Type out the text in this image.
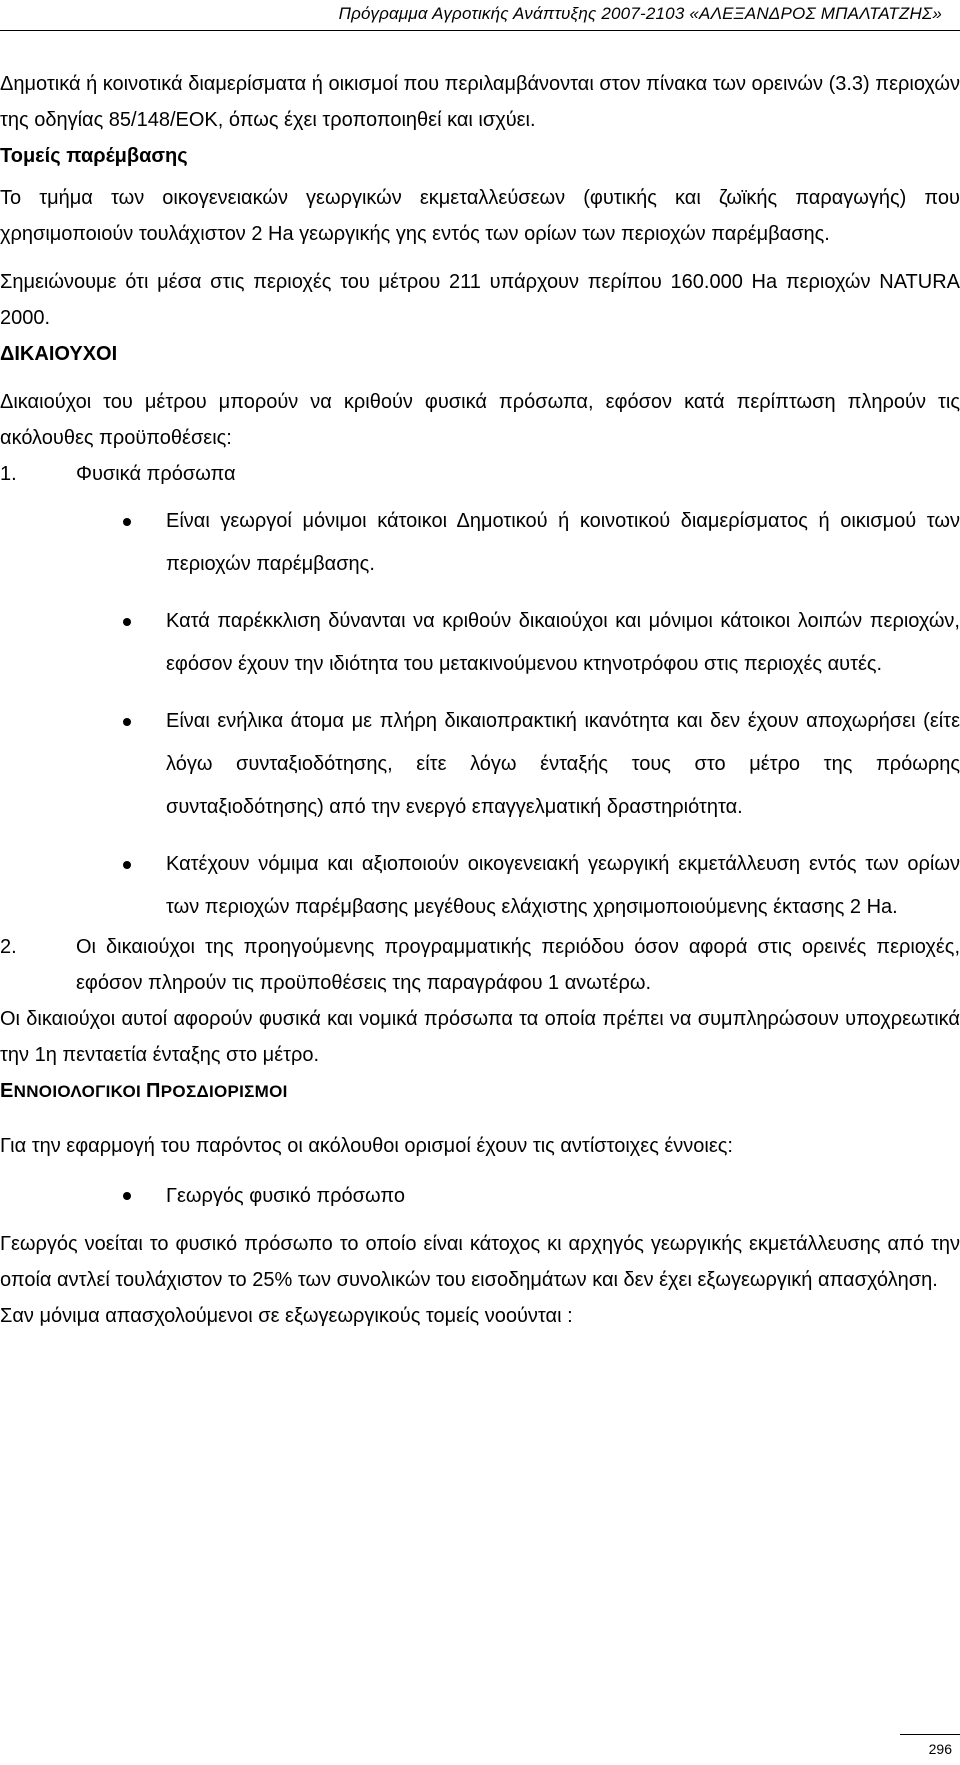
Πρόγραμμα Αγροτικής Ανάπτυξης 2007-2103 «ΑΛΕΞΑΝΔΡΟΣ ΜΠΑΛΤΑΤΖΗΣ»

Δημοτικά ή κοινοτικά διαμερίσματα ή οικισμοί που περιλαμβάνονται στον πίνακα των ορεινών (3.3) περιοχών της οδηγίας 85/148/ΕΟΚ, όπως έχει τροποποιηθεί και ισχύει.

Τομείς παρέμβασης

Το τμήμα των οικογενειακών γεωργικών εκμεταλλεύσεων (φυτικής και ζωϊκής παραγωγής) που χρησιμοποιούν τουλάχιστον 2 Ha γεωργικής γης εντός των ορίων των περιοχών παρέμβασης.

Σημειώνουμε ότι μέσα στις περιοχές του μέτρου 211 υπάρχουν περίπου 160.000 Ha περιοχών NATURA 2000.

ΔΙΚΑΙΟΥΧΟΙ

Δικαιούχοι του μέτρου μπορούν να κριθούν φυσικά πρόσωπα, εφόσον κατά περίπτωση πληρούν τις ακόλουθες προϋποθέσεις:

1.	Φυσικά πρόσωπα
Είναι γεωργοί μόνιμοι κάτοικοι Δημοτικού ή κοινοτικού διαμερίσματος ή οικισμού των περιοχών παρέμβασης.
Κατά παρέκκλιση δύνανται να κριθούν δικαιούχοι και μόνιμοι κάτοικοι λοιπών περιοχών, εφόσον έχουν την ιδιότητα του μετακινούμενου κτηνοτρόφου στις περιοχές αυτές.
Είναι ενήλικα άτομα με πλήρη δικαιοπρακτική ικανότητα και δεν έχουν αποχωρήσει (είτε λόγω συνταξιοδότησης, είτε λόγω ένταξής τους στο μέτρο της πρόωρης συνταξιοδότησης) από την ενεργό επαγγελματική δραστηριότητα.
Κατέχουν νόμιμα και αξιοποιούν οικογενειακή γεωργική εκμετάλλευση εντός των ορίων των περιοχών παρέμβασης μεγέθους ελάχιστης χρησιμοποιούμενης έκτασης 2 Ha.
2.	Οι δικαιούχοι της προηγούμενης προγραμματικής περιόδου όσον αφορά στις ορεινές περιοχές, εφόσον πληρούν τις προϋποθέσεις της παραγράφου 1 ανωτέρω.

Οι δικαιούχοι αυτοί αφορούν φυσικά και νομικά πρόσωπα τα οποία πρέπει να συμπληρώσουν υποχρεωτικά την 1η πενταετία ένταξης στο μέτρο.

ΕΝΝΟΙΟΛΟΓΙΚΟΙ ΠΡΟΣΔΙΟΡΙΣΜΟΙ

Για την εφαρμογή του παρόντος οι ακόλουθοι ορισμοί έχουν τις αντίστοιχες έννοιες:

Γεωργός φυσικό πρόσωπο

Γεωργός νοείται το φυσικό πρόσωπο το οποίο είναι κάτοχος κι αρχηγός γεωργικής εκμετάλλευσης από την οποία αντλεί τουλάχιστον το 25% των συνολικών του εισοδημάτων και δεν έχει εξωγεωργική απασχόληση.

Σαν μόνιμα απασχολούμενοι σε εξωγεωργικούς τομείς νοούνται :

296
